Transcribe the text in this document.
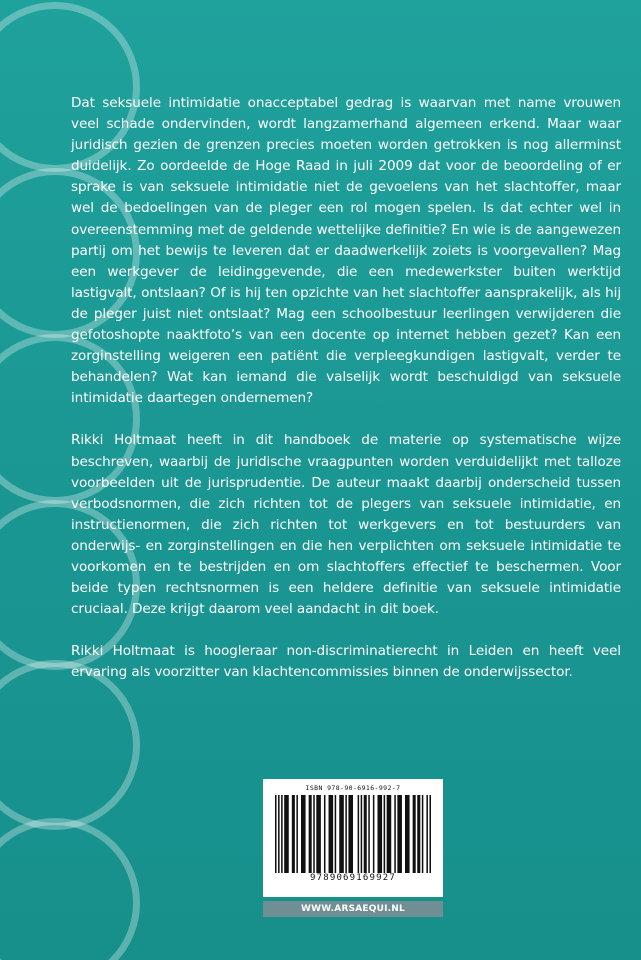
Dat seksuele intimidatie onacceptabel gedrag is waarvan met name vrouwen veel schade ondervinden, wordt langzamerhand algemeen erkend. Maar waar juridisch gezien de grenzen precies moeten worden getrokken is nog allerminst duidelijk. Zo oordeelde de Hoge Raad in juli 2009 dat voor de beoordeling of er sprake is van seksuele intimidatie niet de gevoelens van het slachtoffer, maar wel de bedoelingen van de pleger een rol mogen spelen. Is dat echter wel in overeenstemming met de geldende wettelijke definitie? En wie is de aangewezen partij om het bewijs te leveren dat er daadwerkelijk zoiets is voorgevallen? Mag een werkgever de leidinggevende, die een medewerkster buiten werktijd lastigvalt, ontslaan? Of is hij ten opzichte van het slachtoffer aansprakelijk, als hij de pleger juist niet ontslaat? Mag een schoolbestuur leerlingen verwijderen die gefotoshopte naaktfoto’s van een docente op internet hebben gezet? Kan een zorginstelling weigeren een patiënt die verpleegkundigen lastigvalt, verder te behandelen? Wat kan iemand die valselijk wordt beschuldigd van seksuele intimidatie daartegen ondernemen?

Rikki Holtmaat heeft in dit handboek de materie op systematische wijze beschreven, waarbij de juridische vraagpunten worden verduidelijkt met talloze voorbeelden uit de jurisprudentie. De auteur maakt daarbij onderscheid tussen verbodsnormen, die zich richten tot de plegers van seksuele intimidatie, en instructienormen, die zich richten tot werkgevers en tot bestuurders van onderwijs- en zorginstellingen en die hen verplichten om seksuele intimidatie te voorkomen en te bestrijden en om slachtoffers effectief te beschermen. Voor beide typen rechtsnormen is een heldere definitie van seksuele intimidatie cruciaal. Deze krijgt daarom veel aandacht in dit boek.

Rikki Holtmaat is hoogleraar non-discriminatierecht in Leiden en heeft veel ervaring als voorzitter van klachtencommissies binnen de onderwijssector.

ISBN 978-90-6916-992-7
9789069169927
WWW.ARSAEQUI.NL
